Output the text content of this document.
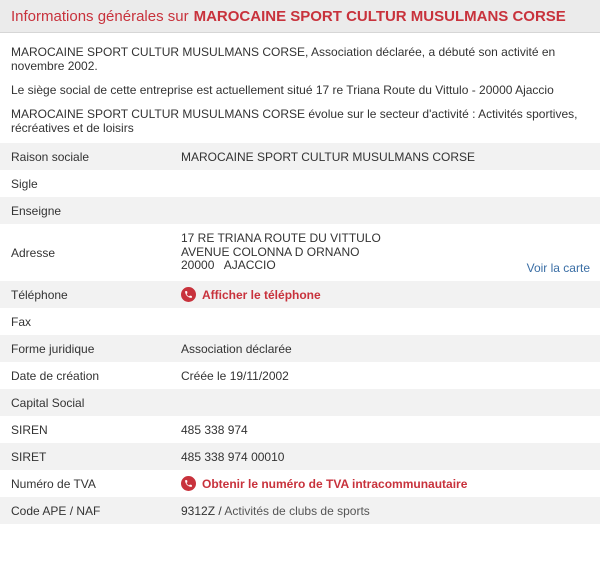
Informations générales sur MAROCAINE SPORT CULTUR MUSULMANS CORSE

MAROCAINE SPORT CULTUR MUSULMANS CORSE, Association déclarée, a débuté son activité en novembre 2002.

Le siège social de cette entreprise est actuellement situé 17 re Triana Route du Vittulo - 20000 Ajaccio

MAROCAINE SPORT CULTUR MUSULMANS CORSE évolue sur le secteur d'activité : Activités sportives, récréatives et de loisirs

Raison sociale	MAROCAINE SPORT CULTUR MUSULMANS CORSE
Sigle	
Enseigne	
Adresse	17 RE TRIANA ROUTE DU VITTULO
AVENUE COLONNA D ORNANO
20000   AJACCIO Voir la carte

Téléphone	Afficher le téléphone

Fax	
Forme juridique	Association déclarée
Date de création	Créée le 19/11/2002
Capital Social	
SIREN	485 338 974
SIRET	485 338 974 00010
Numéro de TVA	Obtenir le numéro de TVA intracommunautaire

Code APE / NAF	9312Z / Activités de clubs de sports
